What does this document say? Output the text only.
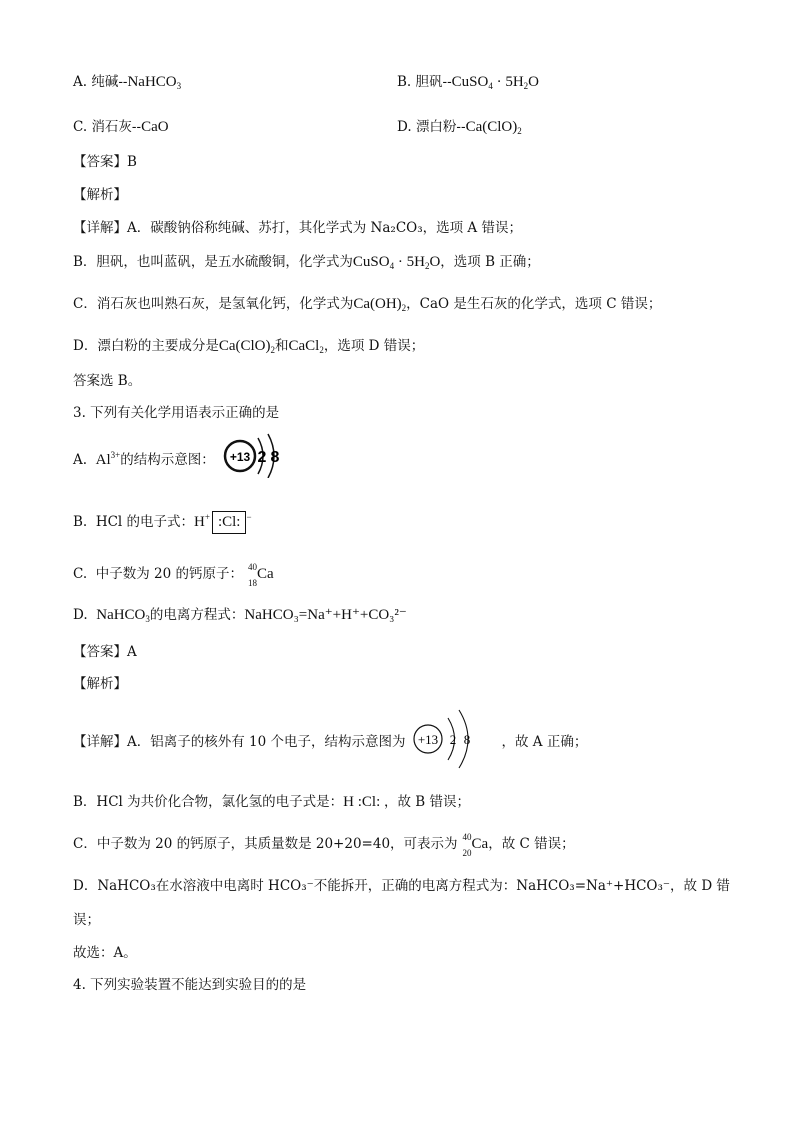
A. 纯碱--NaHCO$_3$	B. 胆矾--CuSO$_4$ · $5H_2O$
C. 消石灰--CaO	D. 漂白粉$--Ca(ClO)_2$
【答案】B
【解析】
【详解】A．碳酸钠俗称纯碱、苏打，其化学式为 Na₂CO₃，选项 A 错误；
B．胆矾，也叫蓝矾，是五水硫酸铜，化学式为CuSO$_4$ · $5H_2O$，选项 B 正确；
C．消石灰也叫熟石灰，是氢氧化钙，化学式为$Ca(OH)_2$，CaO 是生石灰的化学式，选项 C 错误；
D．漂白粉的主要成分是$Ca(ClO)_2$和CaCl$_2$，选项 D 错误；
答案选 B。
3. 下列有关化学用语表示正确的是
A. $Al^{3+}$的结构示意图： +13 2 8
B. HCl 的电子式：H+ :Cl: −
C. 中子数为 20 的钙原子： 40
18
Ca
D. NaHCO$_3$的电离方程式：NaHCO₃=Na⁺+H⁺+CO₃²⁻
【答案】A
【解析】
【详解】A．铝离子的核外有 10 个电子，结构示意图为	，故 A 正确；
+13 2 8
B．HCl 为共价化合物，氯化氢的电子式是：H :Cl: ，故 B 错误；
C．中子数为 20 的钙原子，其质量数是 20+20=40，可表示为 40
20
Ca，故 C 错误；
D．NaHCO₃在水溶液中电离时 HCO₃⁻不能拆开，正确的电离方程式为：NaHCO₃=Na⁺+HCO₃⁻，故 D 错
误；
故选：A。
4. 下列实验装置不能达到实验目的的是
